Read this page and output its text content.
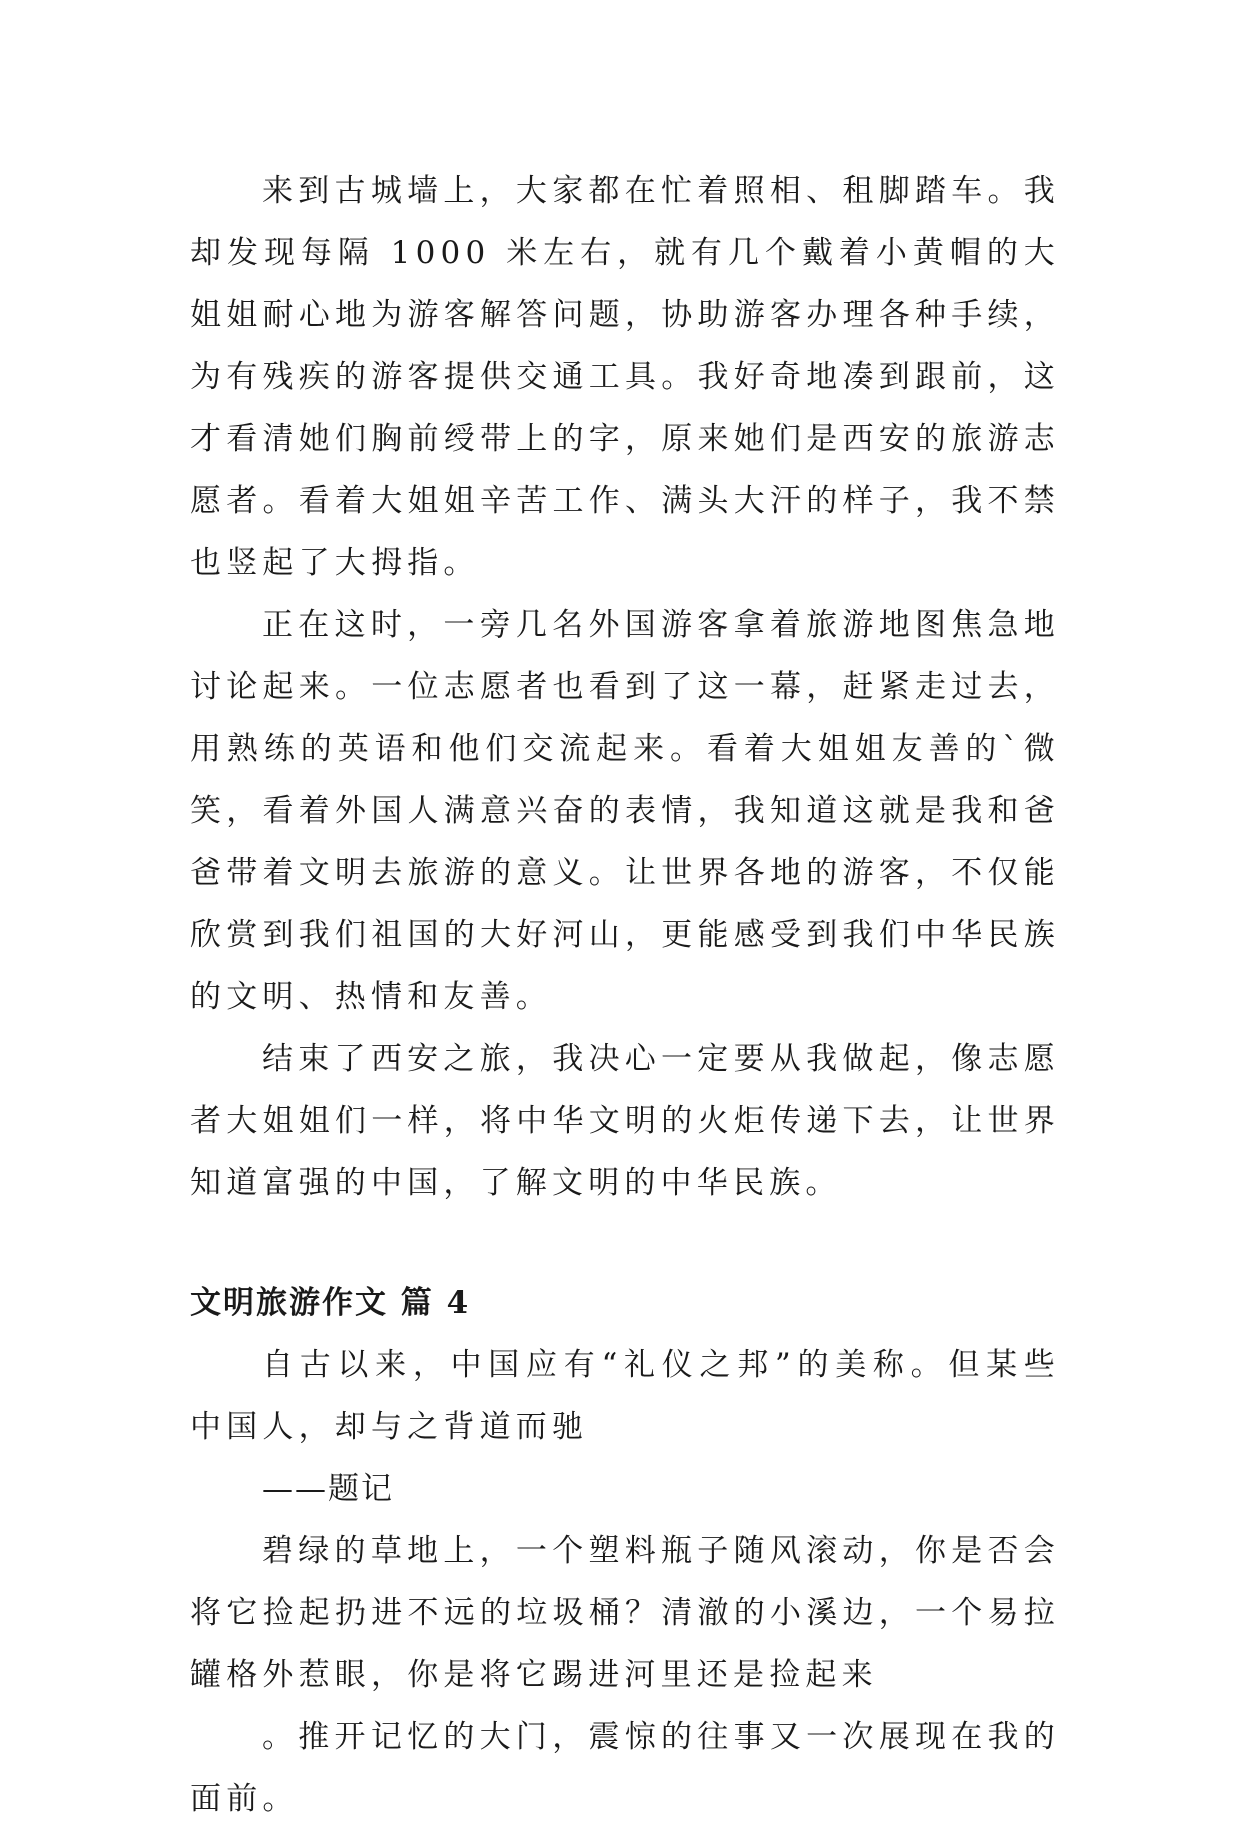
来到古城墙上，大家都在忙着照相、租脚踏车。我却发现每隔 1000 米左右，就有几个戴着小黄帽的大姐姐耐心地为游客解答问题，协助游客办理各种手续，为有残疾的游客提供交通工具。我好奇地凑到跟前，这才看清她们胸前绶带上的字，原来她们是西安的旅游志愿者。看着大姐姐辛苦工作、满头大汗的样子，我不禁也竖起了大拇指。

正在这时，一旁几名外国游客拿着旅游地图焦急地讨论起来。一位志愿者也看到了这一幕，赶紧走过去，用熟练的英语和他们交流起来。看着大姐姐友善的`微笑，看着外国人满意兴奋的表情，我知道这就是我和爸爸带着文明去旅游的意义。让世界各地的游客，不仅能欣赏到我们祖国的大好河山，更能感受到我们中华民族的文明、热情和友善。

结束了西安之旅，我决心一定要从我做起，像志愿者大姐姐们一样，将中华文明的火炬传递下去，让世界知道富强的中国，了解文明的中华民族。

文明旅游作文 篇 4

自古以来，中国应有“礼仪之邦”的美称。但某些中国人，却与之背道而驰

——题记

碧绿的草地上，一个塑料瓶子随风滚动，你是否会将它捡起扔进不远的垃圾桶？清澈的小溪边，一个易拉罐格外惹眼，你是将它踢进河里还是捡起来

。推开记忆的大门，震惊的往事又一次展现在我的面前。
